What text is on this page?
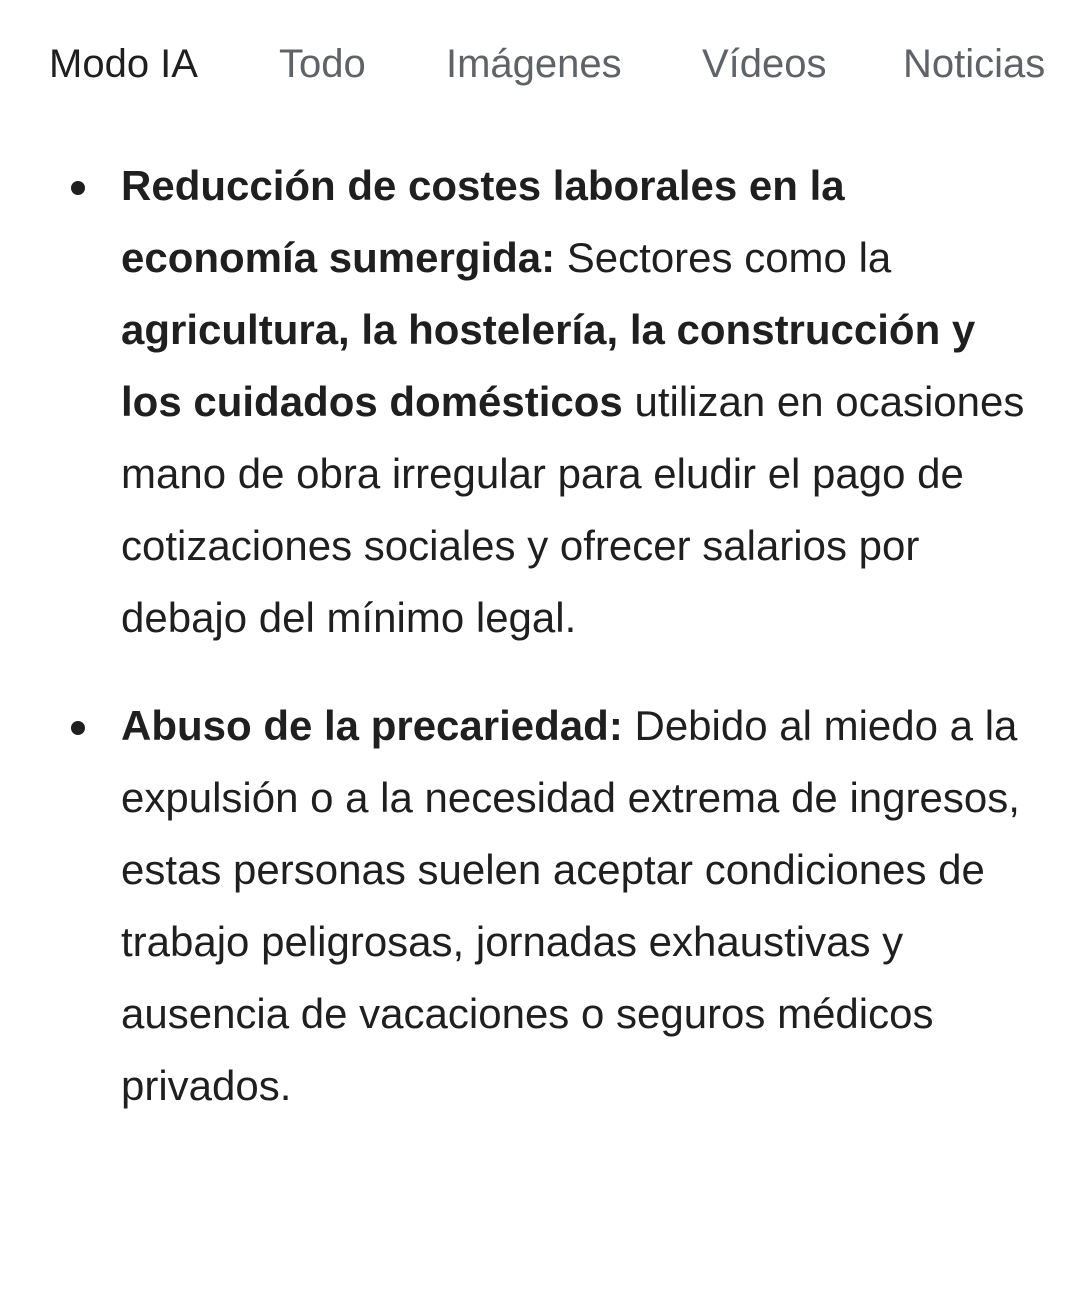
Modo IA Todo Imágenes Vídeos Noticias
Reducción de costes laborales en la economía sumergida: Sectores como la agricultura, la hostelería, la construcción y los cuidados domésticos utilizan en ocasiones mano de obra irregular para eludir el pago de cotizaciones sociales y ofrecer salarios por debajo del mínimo legal.
Abuso de la precariedad: Debido al miedo a la expulsión o a la necesidad extrema de ingresos, estas personas suelen aceptar condiciones de trabajo peligrosas, jornadas exhaustivas y ausencia de vacaciones o seguros médicos privados.
